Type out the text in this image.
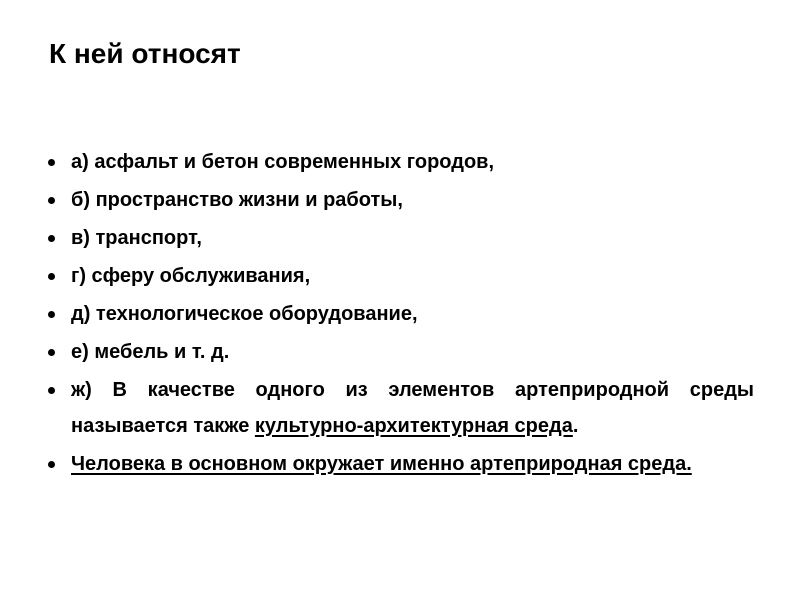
К ней относят
а) асфальт и бетон современных городов,
б) пространство жизни и работы,
в) транспорт,
г) сферу обслуживания,
д) технологическое оборудование,
е) мебель и т. д.
ж) В качестве одного из элементов артеприродной среды называется также культурно-архитектурная среда.
Человека в основном окружает именно артеприродная среда.
